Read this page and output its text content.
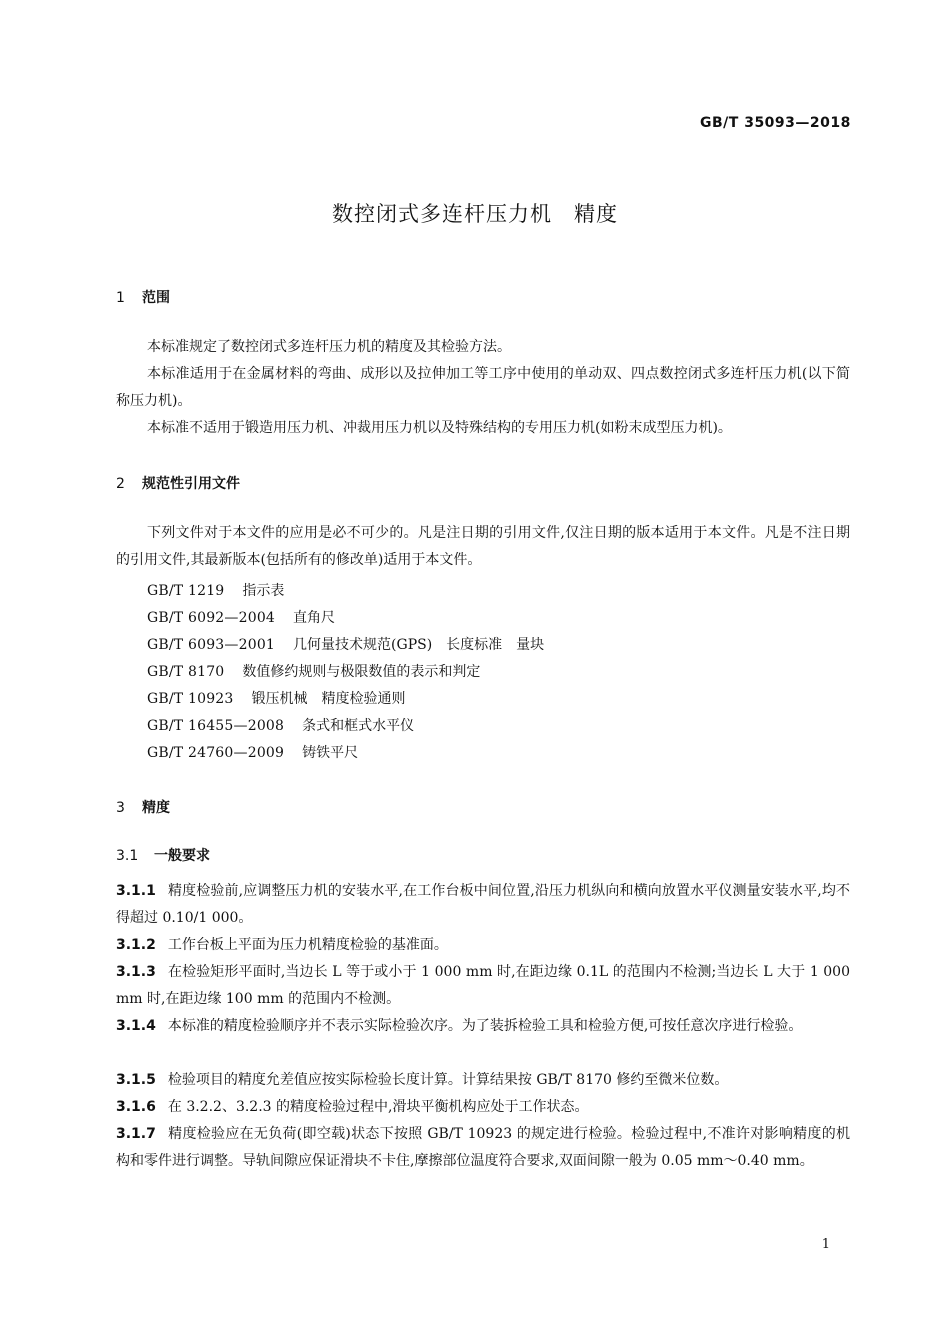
GB/T 35093—2018
数控闭式多连杆压力机　精度
1 范围
本标准规定了数控闭式多连杆压力机的精度及其检验方法。
本标准适用于在金属材料的弯曲、成形以及拉伸加工等工序中使用的单动双、四点数控闭式多连杆压力机(以下简称压力机)。
本标准不适用于锻造用压力机、冲裁用压力机以及特殊结构的专用压力机(如粉末成型压力机)。
2 规范性引用文件
下列文件对于本文件的应用是必不可少的。凡是注日期的引用文件,仅注日期的版本适用于本文件。凡是不注日期的引用文件,其最新版本(包括所有的修改单)适用于本文件。
GB/T 1219 指示表
GB/T 6092—2004 直角尺
GB/T 6093—2001 几何量技术规范(GPS)　长度标准　量块
GB/T 8170 数值修约规则与极限数值的表示和判定
GB/T 10923 锻压机械　精度检验通则
GB/T 16455—2008 条式和框式水平仪
GB/T 24760—2009 铸铁平尺
3 精度
3.1 一般要求
3.1.1 精度检验前,应调整压力机的安装水平,在工作台板中间位置,沿压力机纵向和横向放置水平仪测量安装水平,均不得超过 0.10/1 000。
3.1.2 工作台板上平面为压力机精度检验的基准面。
3.1.3 在检验矩形平面时,当边长 L 等于或小于 1 000 mm 时,在距边缘 0.1L 的范围内不检测;当边长 L 大于 1 000 mm 时,在距边缘 100 mm 的范围内不检测。
3.1.4 本标准的精度检验顺序并不表示实际检验次序。为了装拆检验工具和检验方便,可按任意次序进行检验。
3.1.5 检验项目的精度允差值应按实际检验长度计算。计算结果按 GB/T 8170 修约至微米位数。
3.1.6 在 3.2.2、3.2.3 的精度检验过程中,滑块平衡机构应处于工作状态。
3.1.7 精度检验应在无负荷(即空载)状态下按照 GB/T 10923 的规定进行检验。检验过程中,不准许对影响精度的机构和零件进行调整。导轨间隙应保证滑块不卡住,摩擦部位温度符合要求,双面间隙一般为 0.05 mm～0.40 mm。
1
